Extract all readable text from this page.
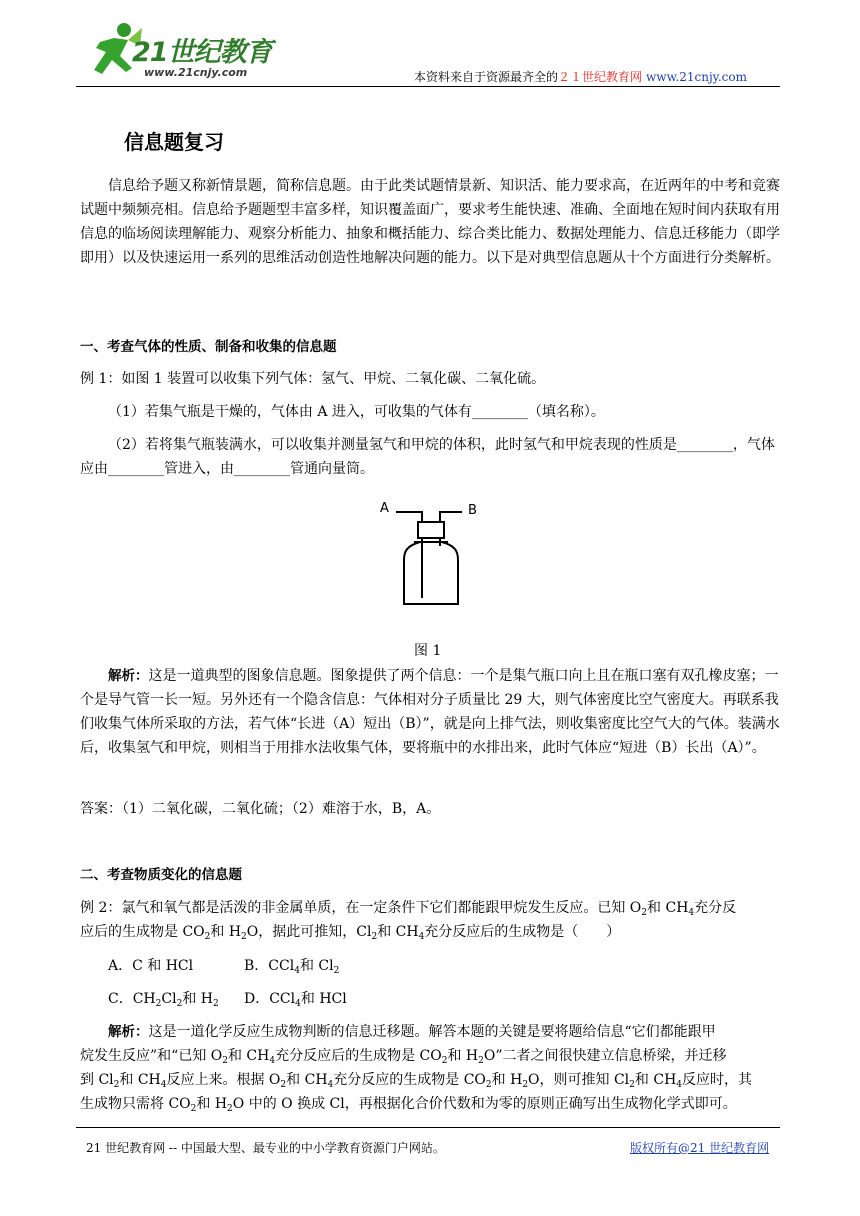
21世纪教育
www.21cnjy.com	本资料来自于资源最齐全的２１世纪教育网 www.21cnjy.com
信息题复习

信息给予题又称新情景题，简称信息题。由于此类试题情景新、知识活、能力要求高，在近两年的中考和竞赛试题中频频亮相。信息给予题题型丰富多样，知识覆盖面广，要求考生能快速、准确、全面地在短时间内获取有用信息的临场阅读理解能力、观察分析能力、抽象和概括能力、综合类比能力、数据处理能力、信息迁移能力（即学即用）以及快速运用一系列的思维活动创造性地解决问题的能力。以下是对典型信息题从十个方面进行分类解析。

一、考查气体的性质、制备和收集的信息题

例 1：如图 1 装置可以收集下列气体：氢气、甲烷、二氧化碳、二氧化硫。

（1）若集气瓶是干燥的，气体由 A 进入，可收集的气体有________（填名称）。

（2）若将集气瓶装满水，可以收集并测量氢气和甲烷的体积，此时氢气和甲烷表现的性质是________，气体应由________管进入，由________管通向量筒。

A	B
图 1

解析：这是一道典型的图象信息题。图象提供了两个信息：一个是集气瓶口向上且在瓶口塞有双孔橡皮塞；一个是导气管一长一短。另外还有一个隐含信息：气体相对分子质量比 29 大，则气体密度比空气密度大。再联系我们收集气体所采取的方法，若气体“长进（A）短出（B）”，就是向上排气法，则收集密度比空气大的气体。装满水后，收集氢气和甲烷，则相当于用排水法收集气体，要将瓶中的水排出来，此时气体应“短进（B）长出（A）”。

答案：（1）二氧化碳，二氧化硫；（2）难溶于水，B，A。

二、考查物质变化的信息题

例 2：氯气和氧气都是活泼的非金属单质，在一定条件下它们都能跟甲烷发生反应。已知 $O_2$和 $CH_4$充分反
应后的生成物是 $CO_2$和 $H_2O$，据此可推知，$Cl_2$和 $CH_4$充分反应后的生成物是（　　）

A．C 和 HCl	B．CCl$_4$和 $Cl_2$
C．$CH_2Cl_2$和 $H_2$ D．CCl$_4$和 HCl

解析：这是一道化学反应生成物判断的信息迁移题。解答本题的关键是要将题给信息“它们都能跟甲
烷发生反应”和“已知 $O_2$和 $CH_4$充分反应后的生成物是 $CO_2$和 $H_2O$”二者之间很快建立信息桥梁，并迁移
到 $Cl_2$和 $CH_4$反应上来。根据 $O_2$和 $CH_4$充分反应的生成物是 $CO_2$和 $H_2O$，则可推知 $Cl_2$和 $CH_4$反应时，其
生成物只需将 $CO_2$和 $H_2O$ 中的 O 换成 Cl，再根据化合价代数和为零的原则正确写出生成物化学式即可。

21 世纪教育网 -- 中国最大型、最专业的中小学教育资源门户网站。	版权所有@21 世纪教育网
